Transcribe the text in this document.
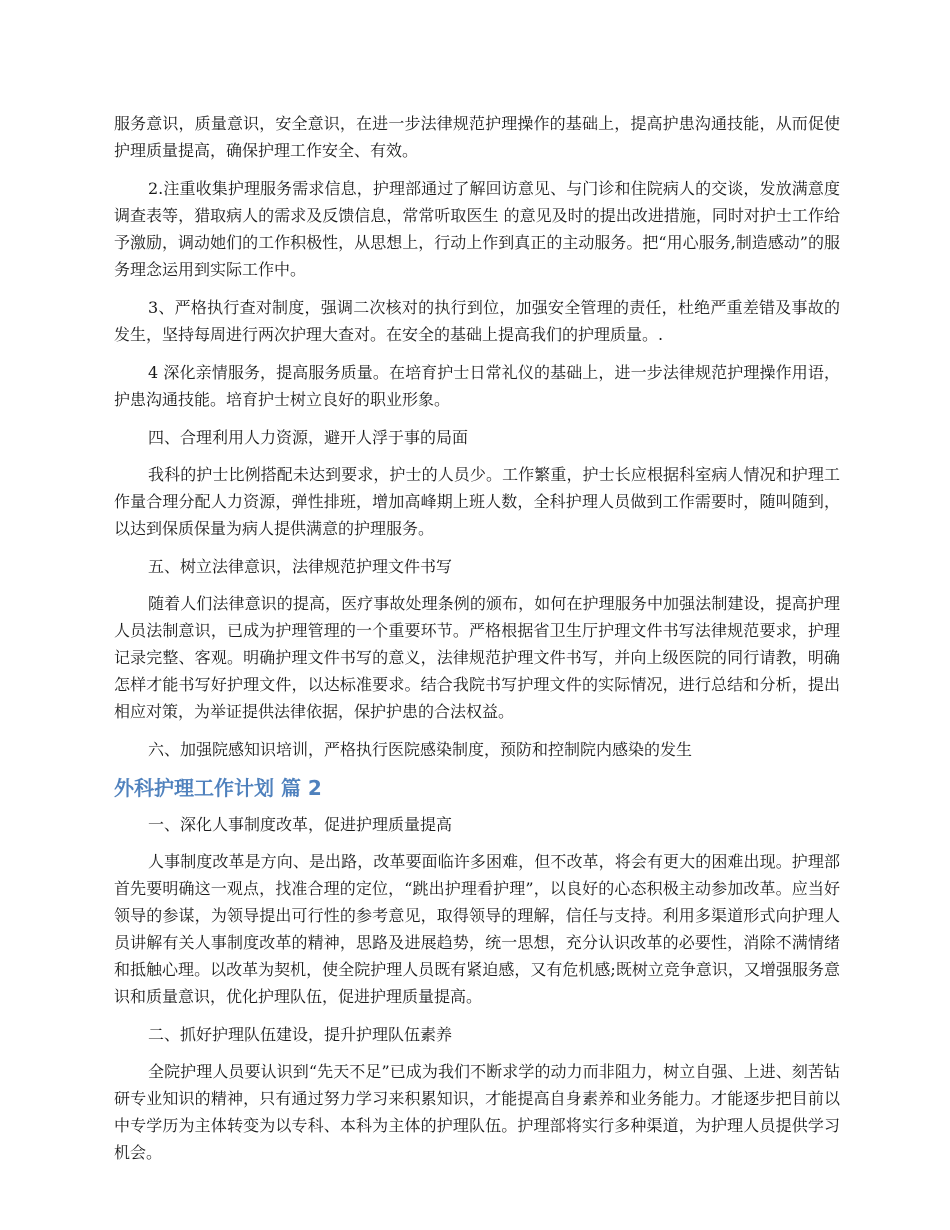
服务意识，质量意识，安全意识，在进一步法律规范护理操作的基础上，提高护患沟通技能，从而促使护理质量提高，确保护理工作安全、有效。

2.注重收集护理服务需求信息，护理部通过了解回访意见、与门诊和住院病人的交谈，发放满意度调查表等，猎取病人的需求及反馈信息，常常听取医生 的意见及时的提出改进措施，同时对护士工作给予激励，调动她们的工作积极性，从思想上，行动上作到真正的主动服务。把“用心服务,制造感动”的服务理念运用到实际工作中。

3、严格执行查对制度，强调二次核对的执行到位，加强安全管理的责任，杜绝严重差错及事故的发生，坚持每周进行两次护理大查对。在安全的基础上提高我们的护理质量。.

4 深化亲情服务，提高服务质量。在培育护士日常礼仪的基础上，进一步法律规范护理操作用语，护患沟通技能。培育护士树立良好的职业形象。

四、合理利用人力资源，避开人浮于事的局面

我科的护士比例搭配未达到要求，护士的人员少。工作繁重，护士长应根据科室病人情况和护理工作量合理分配人力资源，弹性排班，增加高峰期上班人数，全科护理人员做到工作需要时，随叫随到，以达到保质保量为病人提供满意的护理服务。

五、树立法律意识，法律规范护理文件书写

随着人们法律意识的提高，医疗事故处理条例的颁布，如何在护理服务中加强法制建设，提高护理人员法制意识，已成为护理管理的一个重要环节。严格根据省卫生厅护理文件书写法律规范要求，护理记录完整、客观。明确护理文件书写的意义，法律规范护理文件书写，并向上级医院的同行请教，明确怎样才能书写好护理文件，以达标准要求。结合我院书写护理文件的实际情况，进行总结和分析，提出相应对策，为举证提供法律依据，保护护患的合法权益。

六、加强院感知识培训，严格执行医院感染制度，预防和控制院内感染的发生

外科护理工作计划 篇 2

一、深化人事制度改革，促进护理质量提高

人事制度改革是方向、是出路，改革要面临许多困难，但不改革，将会有更大的困难出现。护理部首先要明确这一观点，找准合理的定位，“跳出护理看护理”，以良好的心态积极主动参加改革。应当好领导的参谋，为领导提出可行性的参考意见，取得领导的理解，信任与支持。利用多渠道形式向护理人员讲解有关人事制度改革的精神，思路及进展趋势，统一思想，充分认识改革的必要性，消除不满情绪和抵触心理。以改革为契机，使全院护理人员既有紧迫感，又有危机感;既树立竞争意识，又增强服务意识和质量意识，优化护理队伍，促进护理质量提高。

二、抓好护理队伍建设，提升护理队伍素养

全院护理人员要认识到“先天不足”已成为我们不断求学的动力而非阻力，树立自强、上进、刻苦钻研专业知识的精神，只有通过努力学习来积累知识，才能提高自身素养和业务能力。才能逐步把目前以中专学历为主体转变为以专科、本科为主体的护理队伍。护理部将实行多种渠道，为护理人员提供学习机会。
